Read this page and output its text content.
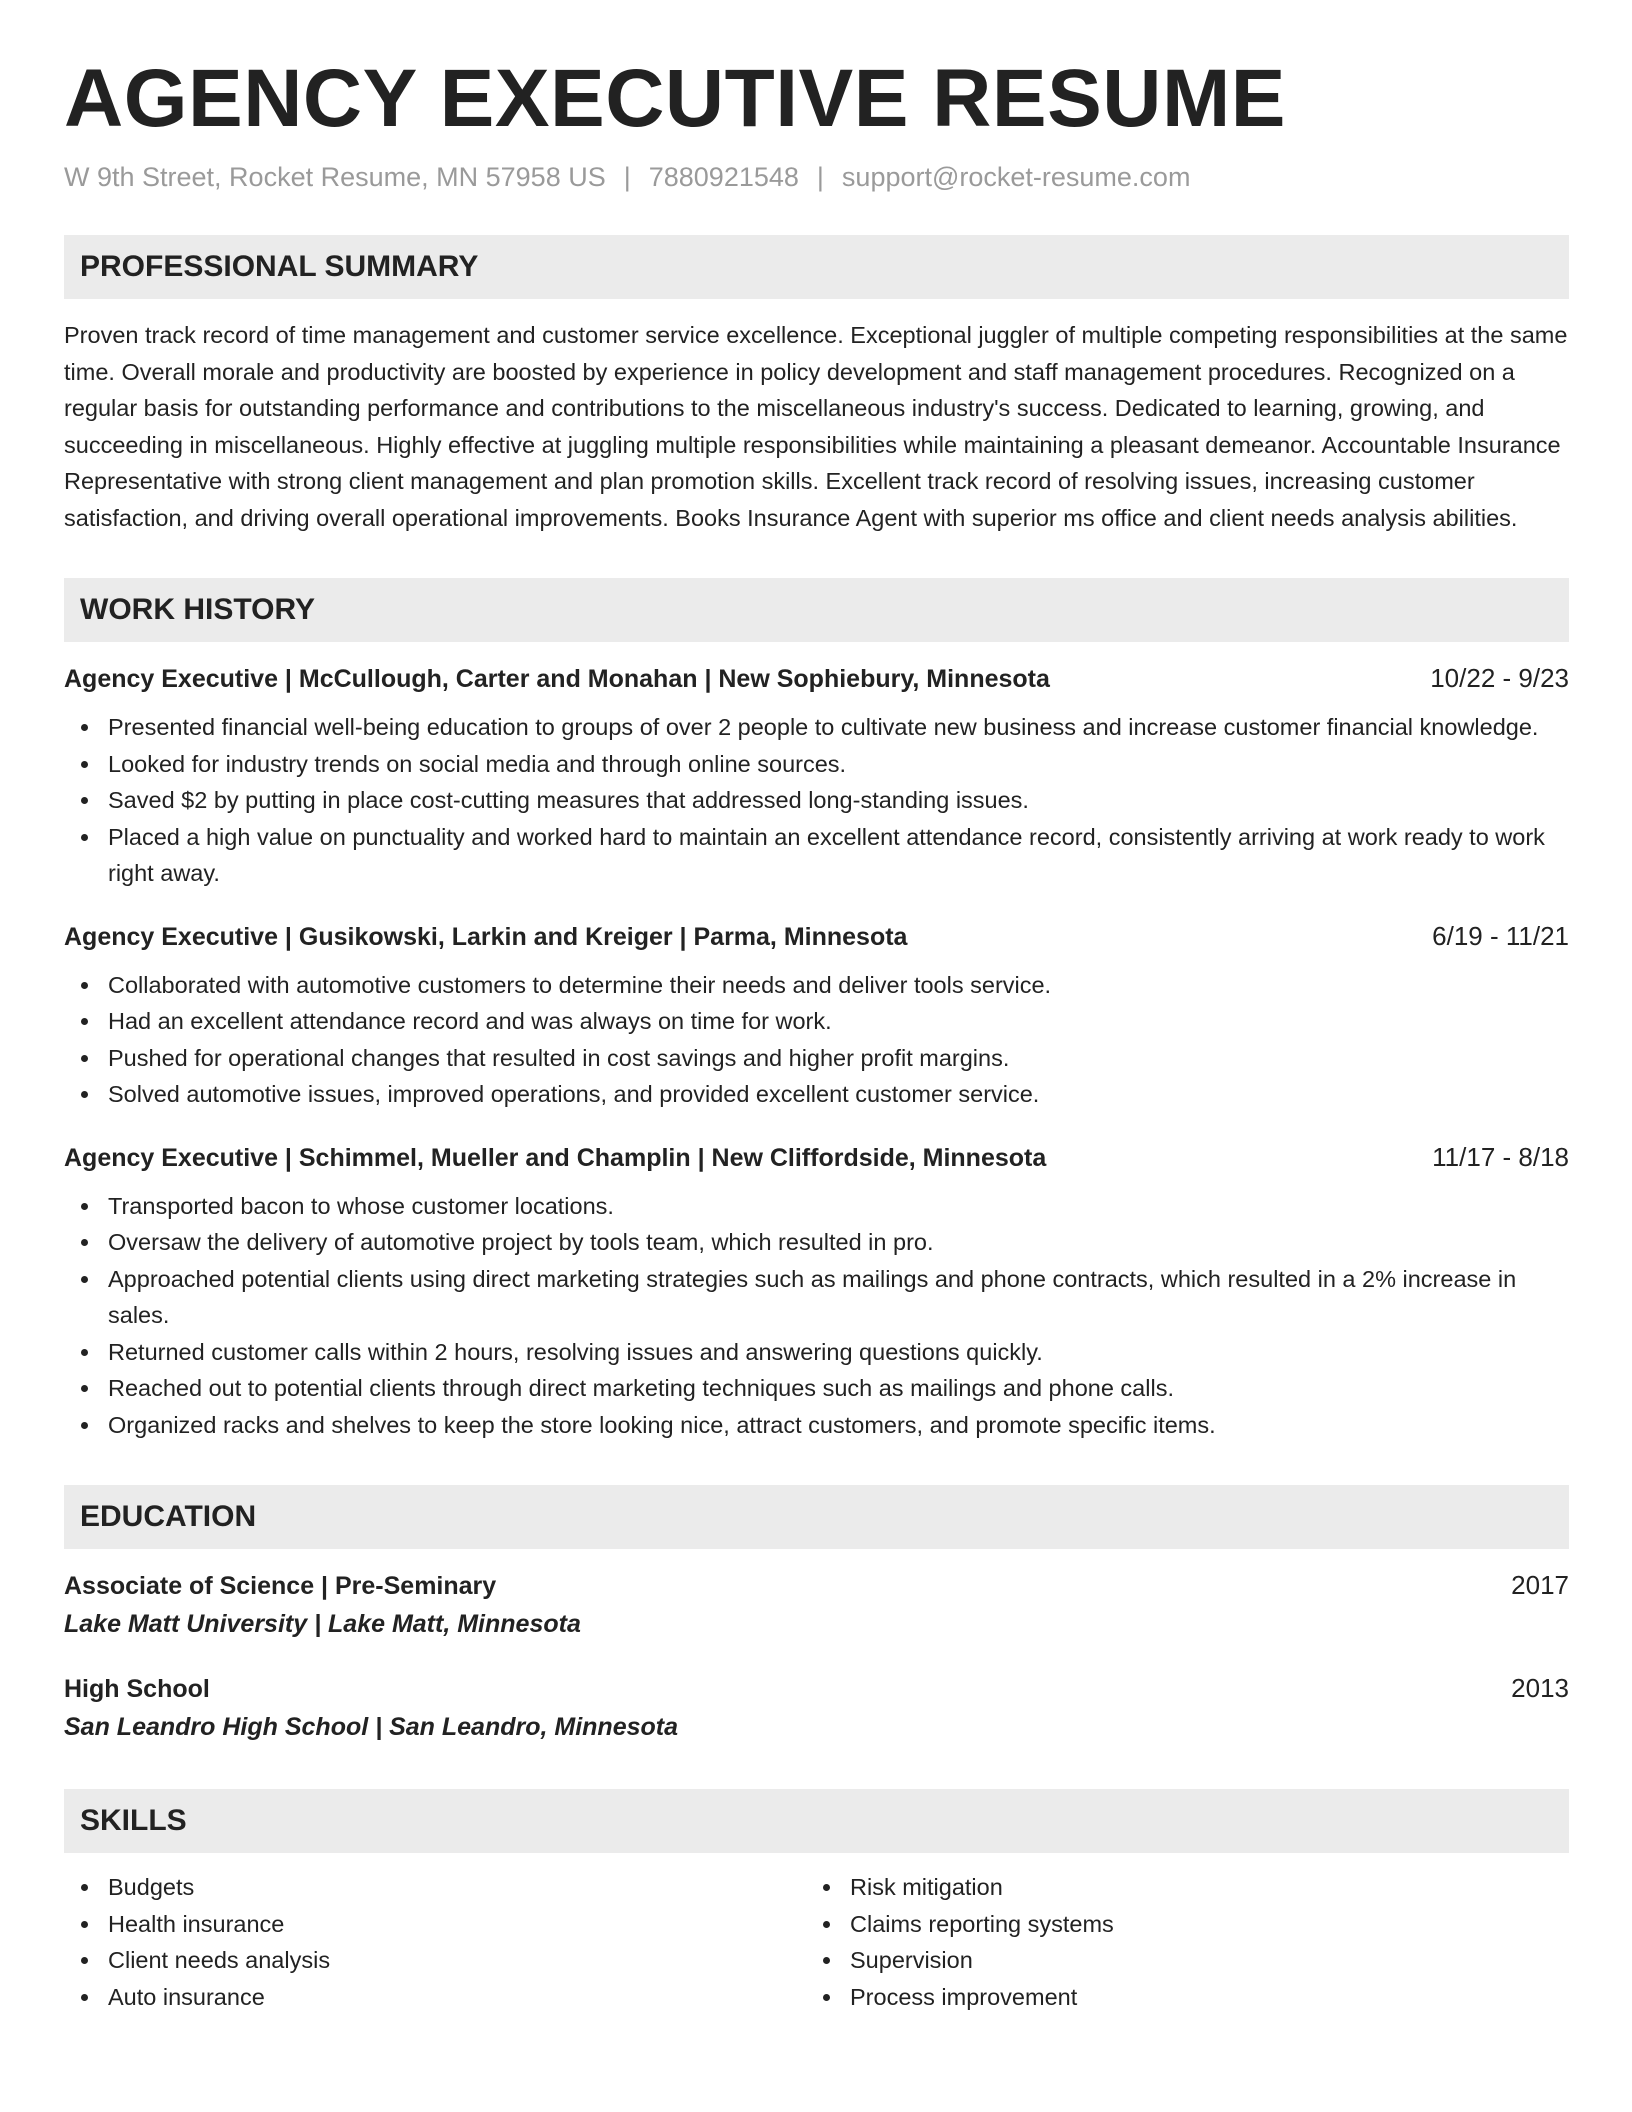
AGENCY EXECUTIVE RESUME
W 9th Street, Rocket Resume, MN 57958 US | 7880921548 | support@rocket-resume.com
PROFESSIONAL SUMMARY
Proven track record of time management and customer service excellence. Exceptional juggler of multiple competing responsibilities at the same time. Overall morale and productivity are boosted by experience in policy development and staff management procedures. Recognized on a regular basis for outstanding performance and contributions to the miscellaneous industry's success. Dedicated to learning, growing, and succeeding in miscellaneous. Highly effective at juggling multiple responsibilities while maintaining a pleasant demeanor. Accountable Insurance Representative with strong client management and plan promotion skills. Excellent track record of resolving issues, increasing customer satisfaction, and driving overall operational improvements. Books Insurance Agent with superior ms office and client needs analysis abilities.
WORK HISTORY
Agency Executive | McCullough, Carter and Monahan | New Sophiebury, Minnesota	10/22 - 9/23
Presented financial well-being education to groups of over 2 people to cultivate new business and increase customer financial knowledge.
Looked for industry trends on social media and through online sources.
Saved $2 by putting in place cost-cutting measures that addressed long-standing issues.
Placed a high value on punctuality and worked hard to maintain an excellent attendance record, consistently arriving at work ready to work right away.
Agency Executive | Gusikowski, Larkin and Kreiger | Parma, Minnesota	6/19 - 11/21
Collaborated with automotive customers to determine their needs and deliver tools service.
Had an excellent attendance record and was always on time for work.
Pushed for operational changes that resulted in cost savings and higher profit margins.
Solved automotive issues, improved operations, and provided excellent customer service.
Agency Executive | Schimmel, Mueller and Champlin | New Cliffordside, Minnesota	11/17 - 8/18
Transported bacon to whose customer locations.
Oversaw the delivery of automotive project by tools team, which resulted in pro.
Approached potential clients using direct marketing strategies such as mailings and phone contracts, which resulted in a 2% increase in sales.
Returned customer calls within 2 hours, resolving issues and answering questions quickly.
Reached out to potential clients through direct marketing techniques such as mailings and phone calls.
Organized racks and shelves to keep the store looking nice, attract customers, and promote specific items.
EDUCATION
Associate of Science | Pre-Seminary	2017
Lake Matt University | Lake Matt, Minnesota
High School	2013
San Leandro High School | San Leandro, Minnesota
SKILLS
Budgets
Health insurance
Client needs analysis
Auto insurance
Risk mitigation
Claims reporting systems
Supervision
Process improvement
